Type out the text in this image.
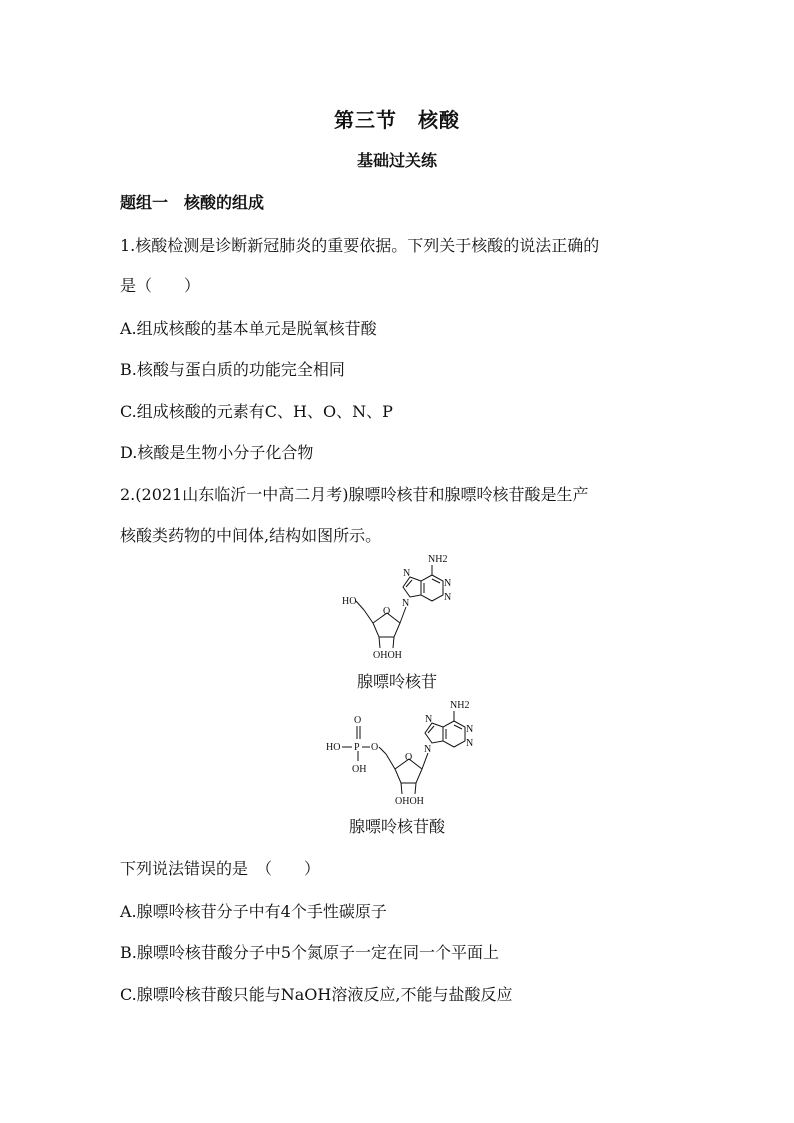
第三节　核酸
基础过关练
题组一　核酸的组成
1.核酸检测是诊断新冠肺炎的重要依据。下列关于核酸的说法正确的
是（　　）
A.组成核酸的基本单元是脱氧核苷酸
B.核酸与蛋白质的功能完全相同
C.组成核酸的元素有C、H、O、N、P
D.核酸是生物小分子化合物
2.(2021山东临沂一中高二月考)腺嘌呤核苷和腺嘌呤核苷酸是生产
核酸类药物的中间体,结构如图所示。
NH2
N
N
N
N
O
HO
OHOH
腺嘌呤核苷
NH2
N
N
N
N
O
O
P
O
HO
OH
OHOH
腺嘌呤核苷酸
下列说法错误的是　（　　）
A.腺嘌呤核苷分子中有4个手性碳原子
B.腺嘌呤核苷酸分子中5个氮原子一定在同一个平面上
C.腺嘌呤核苷酸只能与NaOH溶液反应,不能与盐酸反应
